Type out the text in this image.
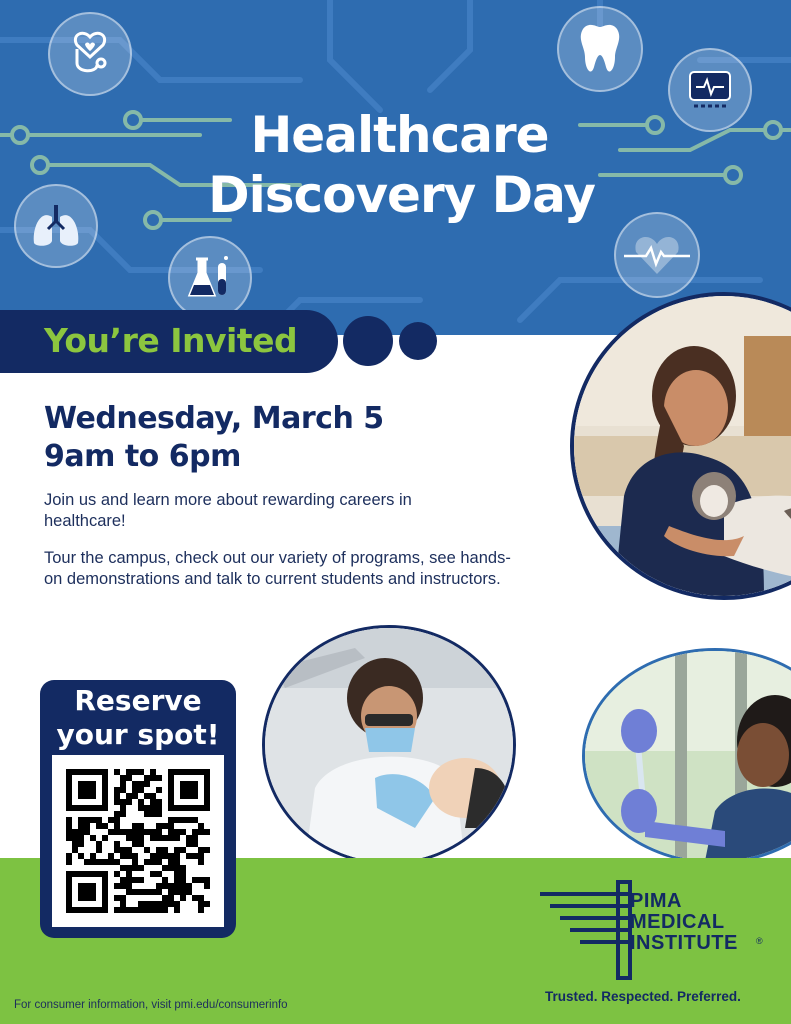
Healthcare
Discovery Day
You’re Invited
Wednesday, March 5
9am to 6pm
Join us and learn more about rewarding careers in healthcare!
Tour the campus, check out our variety of programs, see hands-on demonstrations and talk to current students and instructors.
Reserve
your spot!
For consumer information, visit pmi.edu/consumerinfo
PIMA
MEDICAL
INSTITUTE ®
Trusted. Respected. Preferred.
